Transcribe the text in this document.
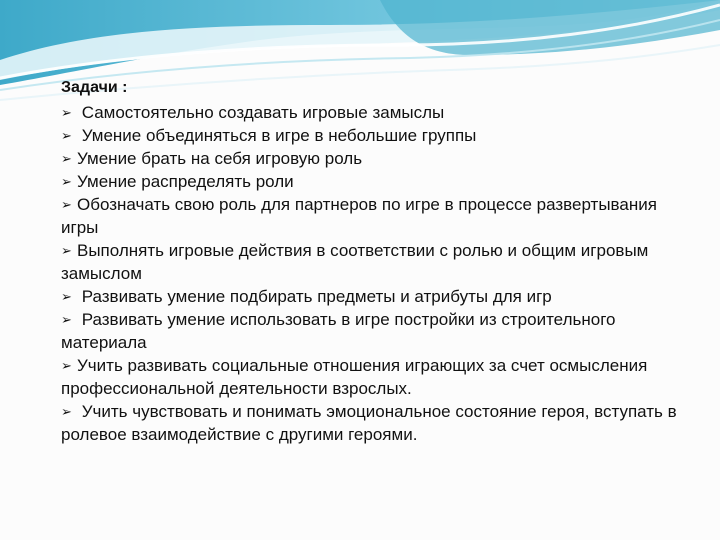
Задачи :
➢ Самостоятельно создавать игровые замыслы
➢ Умение объединяться в игре в небольшие группы
➢ Умение брать на себя игровую роль
➢ Умение распределять роли
➢ Обозначать свою роль для партнеров по игре в процессе развертывания игры
➢ Выполнять игровые действия в соответствии с ролью и общим игровым замыслом
➢ Развивать умение подбирать предметы и атрибуты для игр
➢ Развивать умение использовать в игре постройки из строительного материала
➢ Учить развивать социальные отношения играющих за счет осмысления профессиональной деятельности взрослых.
➢ Учить чувствовать и понимать эмоциональное состояние героя, вступать в ролевое взаимодействие с другими героями.
